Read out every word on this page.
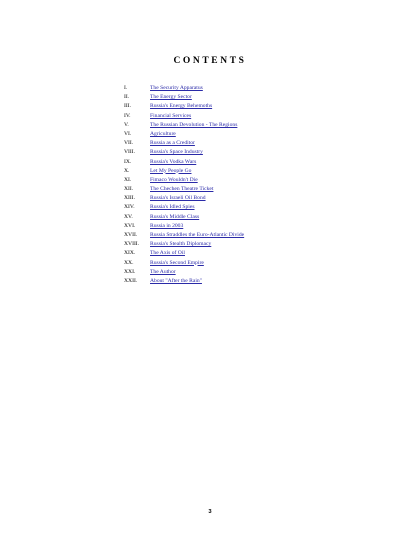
CONTENTS
I.	The Security Apparatus
II.	The Energy Sector
III.	Russia's Energy Behemoths
IV.	Financial Services
V.	The Russian Devolution - The Regions
VI.	Agriculture
VII.	Russia as a Creditor
VIII.	Russia's Space Industry
IX.	Russia's Vodka Wars
X.	Let My People Go
XI.	Fimaco Wouldn't Die
XII.	The Chechen Theatre Ticket
XIII.	Russia's Israeli Oil Bond
XIV.	Russia's Idled Spies
XV.	Russia's Middle Class
XVI.	Russia in 2003
XVII. Russia Straddles the Euro-Atlantic Divide
XVIII. Russia's Stealth Diplomacy
XIX.	The Axis of Oil
XX.	Russia's Second Empire
XXI.	The Author
XXII. About "After the Rain"

3
